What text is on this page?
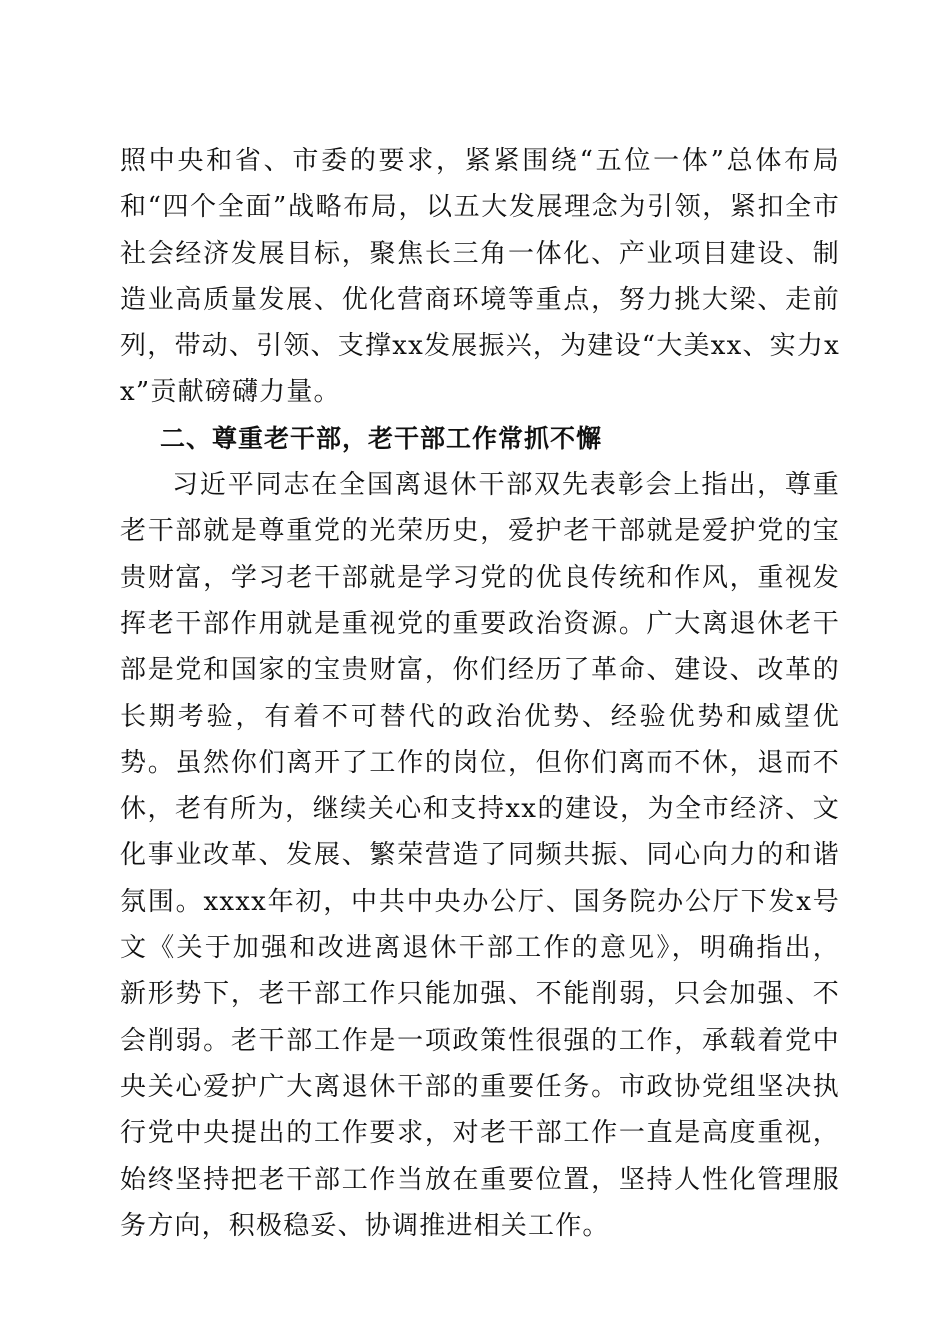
照中央和省、市委的要求，紧紧围绕“五位一体”总体布局和“四个全面”战略布局，以五大发展理念为引领，紧扣全市社会经济发展目标，聚焦长三角一体化、产业项目建设、制造业高质量发展、优化营商环境等重点，努力挑大梁、走前列，带动、引领、支撑xx发展振兴，为建设“大美xx、实力xx”贡献磅礴力量。

二、尊重老干部，老干部工作常抓不懈

习近平同志在全国离退休干部双先表彰会上指出，尊重老干部就是尊重党的光荣历史，爱护老干部就是爱护党的宝贵财富，学习老干部就是学习党的优良传统和作风，重视发挥老干部作用就是重视党的重要政治资源。广大离退休老干部是党和国家的宝贵财富，你们经历了革命、建设、改革的长期考验，有着不可替代的政治优势、经验优势和威望优势。虽然你们离开了工作的岗位，但你们离而不休，退而不休，老有所为，继续关心和支持xx的建设，为全市经济、文化事业改革、发展、繁荣营造了同频共振、同心向力的和谐氛围。xxxx年初，中共中央办公厅、国务院办公厅下发x号文《关于加强和改进离退休干部工作的意见》，明确指出，新形势下，老干部工作只能加强、不能削弱，只会加强、不会削弱。老干部工作是一项政策性很强的工作，承载着党中央关心爱护广大离退休干部的重要任务。市政协党组坚决执行党中央提出的工作要求，对老干部工作一直是高度重视，始终坚持把老干部工作当放在重要位置，坚持人性化管理服务方向，积极稳妥、协调推进相关工作。
